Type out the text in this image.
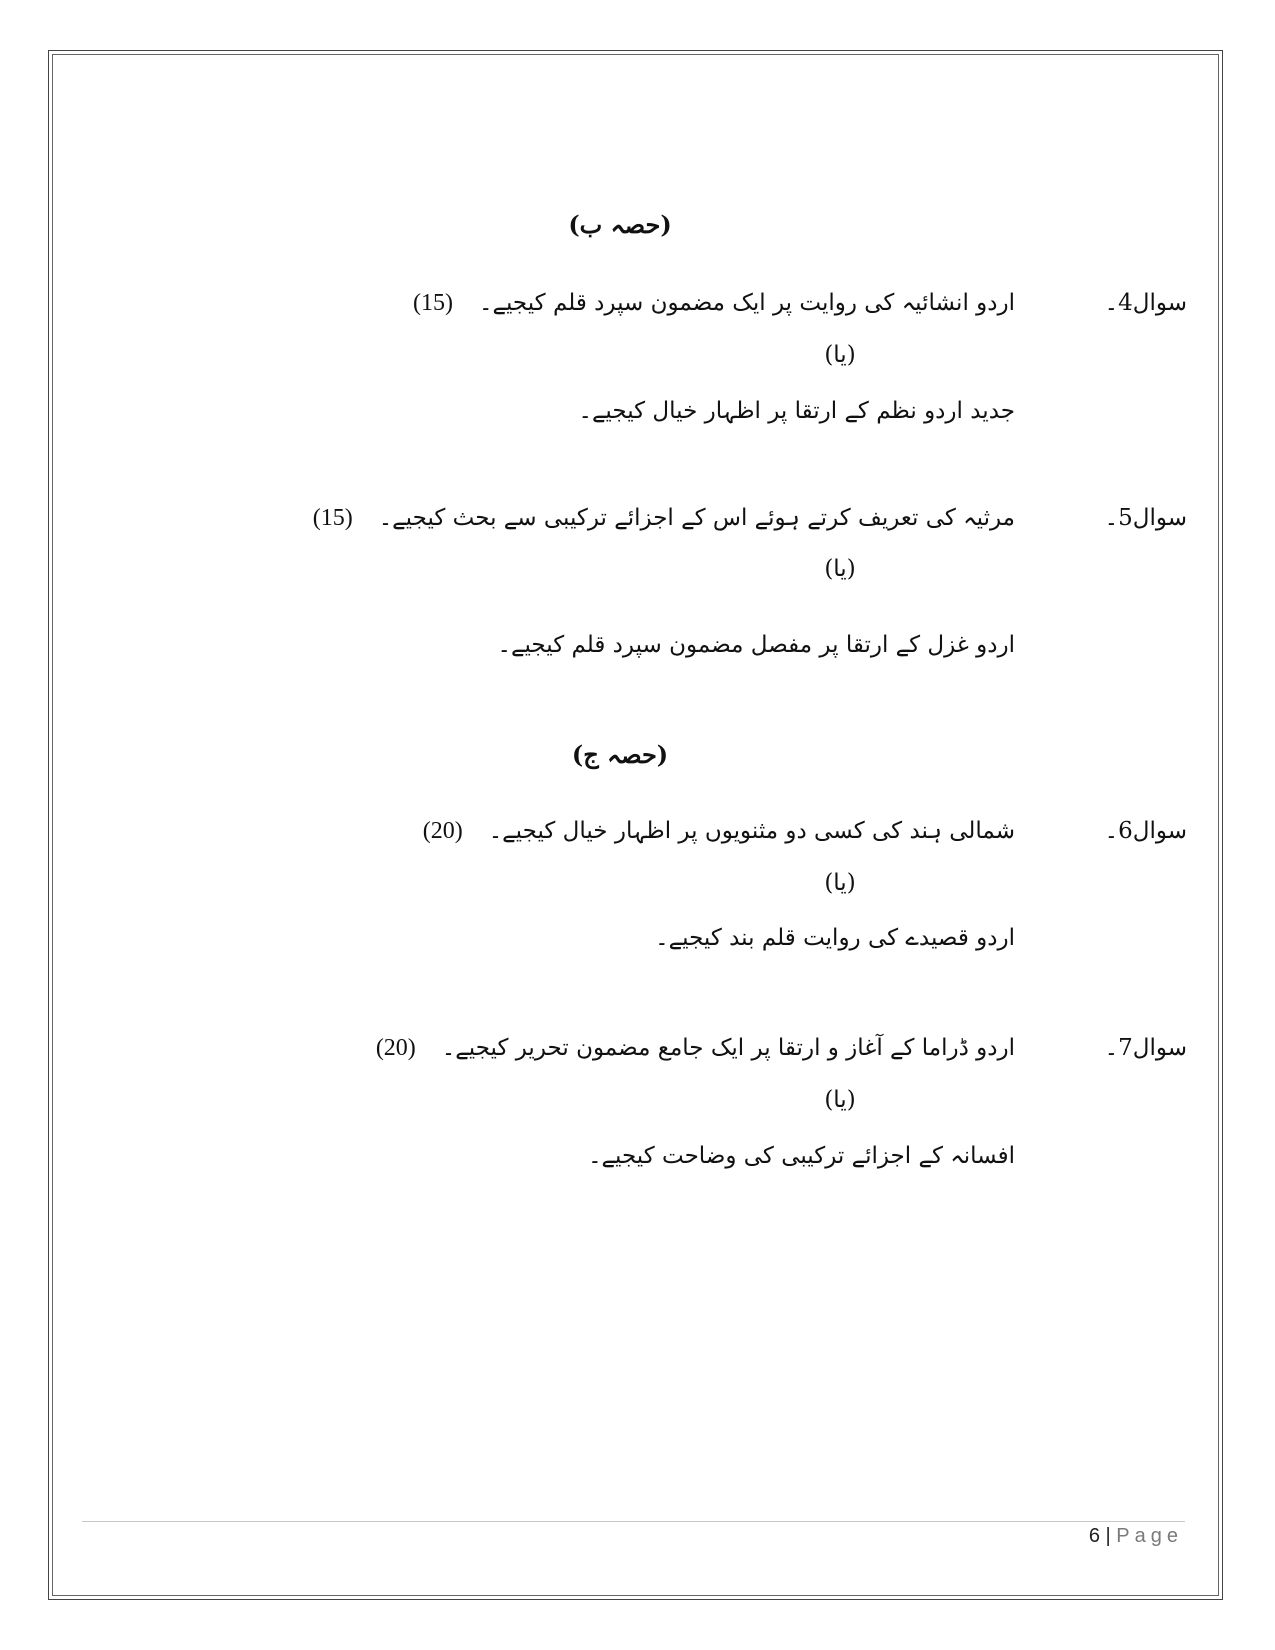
(حصہ ب)
سوال4۔
اردو انشائیہ کی روایت پر ایک مضمون سپرد قلم کیجیے۔(15)
(یا)
جدید اردو نظم کے ارتقا پر اظہار خیال کیجیے۔
سوال5۔
مرثیہ کی تعریف کرتے ہوئے اس کے اجزائے ترکیبی سے بحث کیجیے۔(15)
(یا)
اردو غزل کے ارتقا پر مفصل مضمون سپرد قلم کیجیے۔
(حصہ ج)
سوال6۔
شمالی ہند کی کسی دو مثنویوں پر اظہار خیال کیجیے۔(20)
(یا)
اردو قصیدے کی روایت قلم بند کیجیے۔
سوال7۔
اردو ڈراما کے آغاز و ارتقا پر ایک جامع مضمون تحریر کیجیے۔(20)
(یا)
افسانہ کے اجزائے ترکیبی کی وضاحت کیجیے۔
6 | Page
